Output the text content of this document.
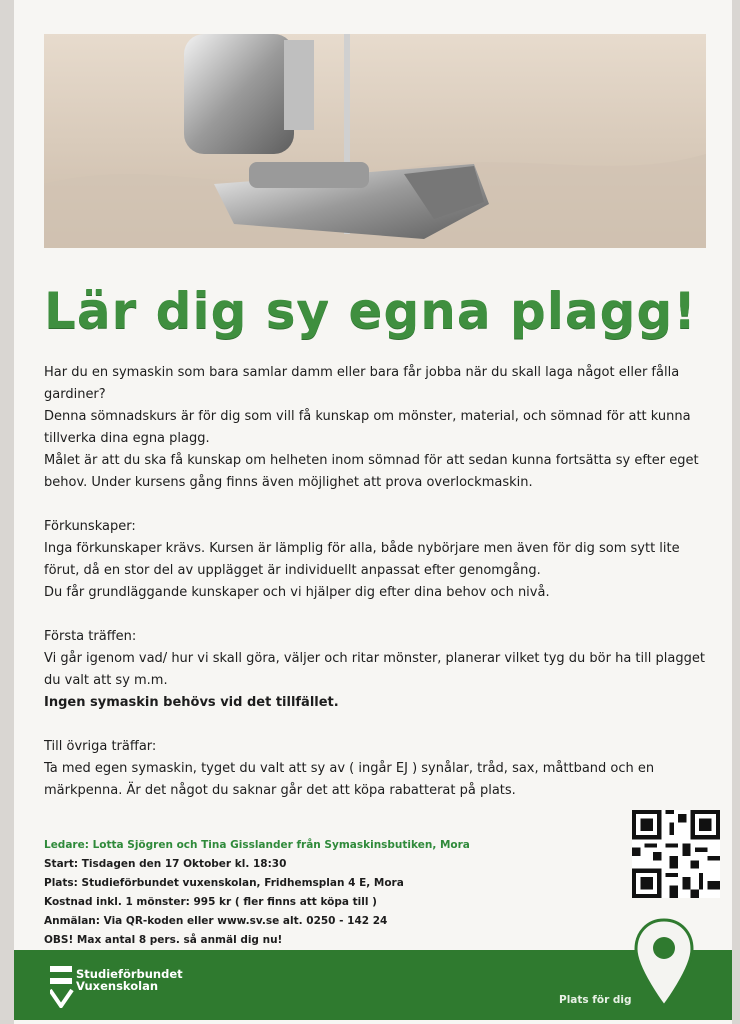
Lär dig sy egna plagg!

Har du en symaskin som bara samlar damm eller bara får jobba när du skall laga något eller fålla gardiner?

Denna sömnadskurs är för dig som vill få kunskap om mönster, material, och sömnad för att kunna tillverka dina egna plagg.

Målet är att du ska få kunskap om helheten inom sömnad för att sedan kunna fortsätta sy efter eget behov. Under kursens gång finns även möjlighet att prova overlockmaskin.

Förkunskaper:

Inga förkunskaper krävs. Kursen är lämplig för alla, både nybörjare men även för dig som sytt lite förut, då en stor del av upplägget är individuellt anpassat efter genomgång.

Du får grundläggande kunskaper och vi hjälper dig efter dina behov och nivå.

Första träffen:

Vi går igenom vad/ hur vi skall göra, väljer och ritar mönster, planerar vilket tyg du bör ha till plagget du valt att sy m.m.

Ingen symaskin behövs vid det tillfället.

Till övriga träffar:

Ta med egen symaskin, tyget du valt att sy av ( ingår EJ ) synålar, tråd, sax, måttband och en märkpenna. Är det något du saknar går det att köpa rabatterat på plats.

Ledare: Lotta Sjögren och Tina Gisslander från Symaskinsbutiken, Mora
Start: Tisdagen den 17 Oktober kl. 18:30
Plats: Studieförbundet vuxenskolan, Fridhemsplan 4 E, Mora
Kostnad inkl. 1 mönster: 995 kr ( fler finns att köpa till )
Anmälan: Via QR-koden eller www.sv.se alt. 0250 - 142 24
OBS! Max antal 8 pers. så anmäl dig nu!
Studieförbundet
Vuxenskolan
Plats för dig
